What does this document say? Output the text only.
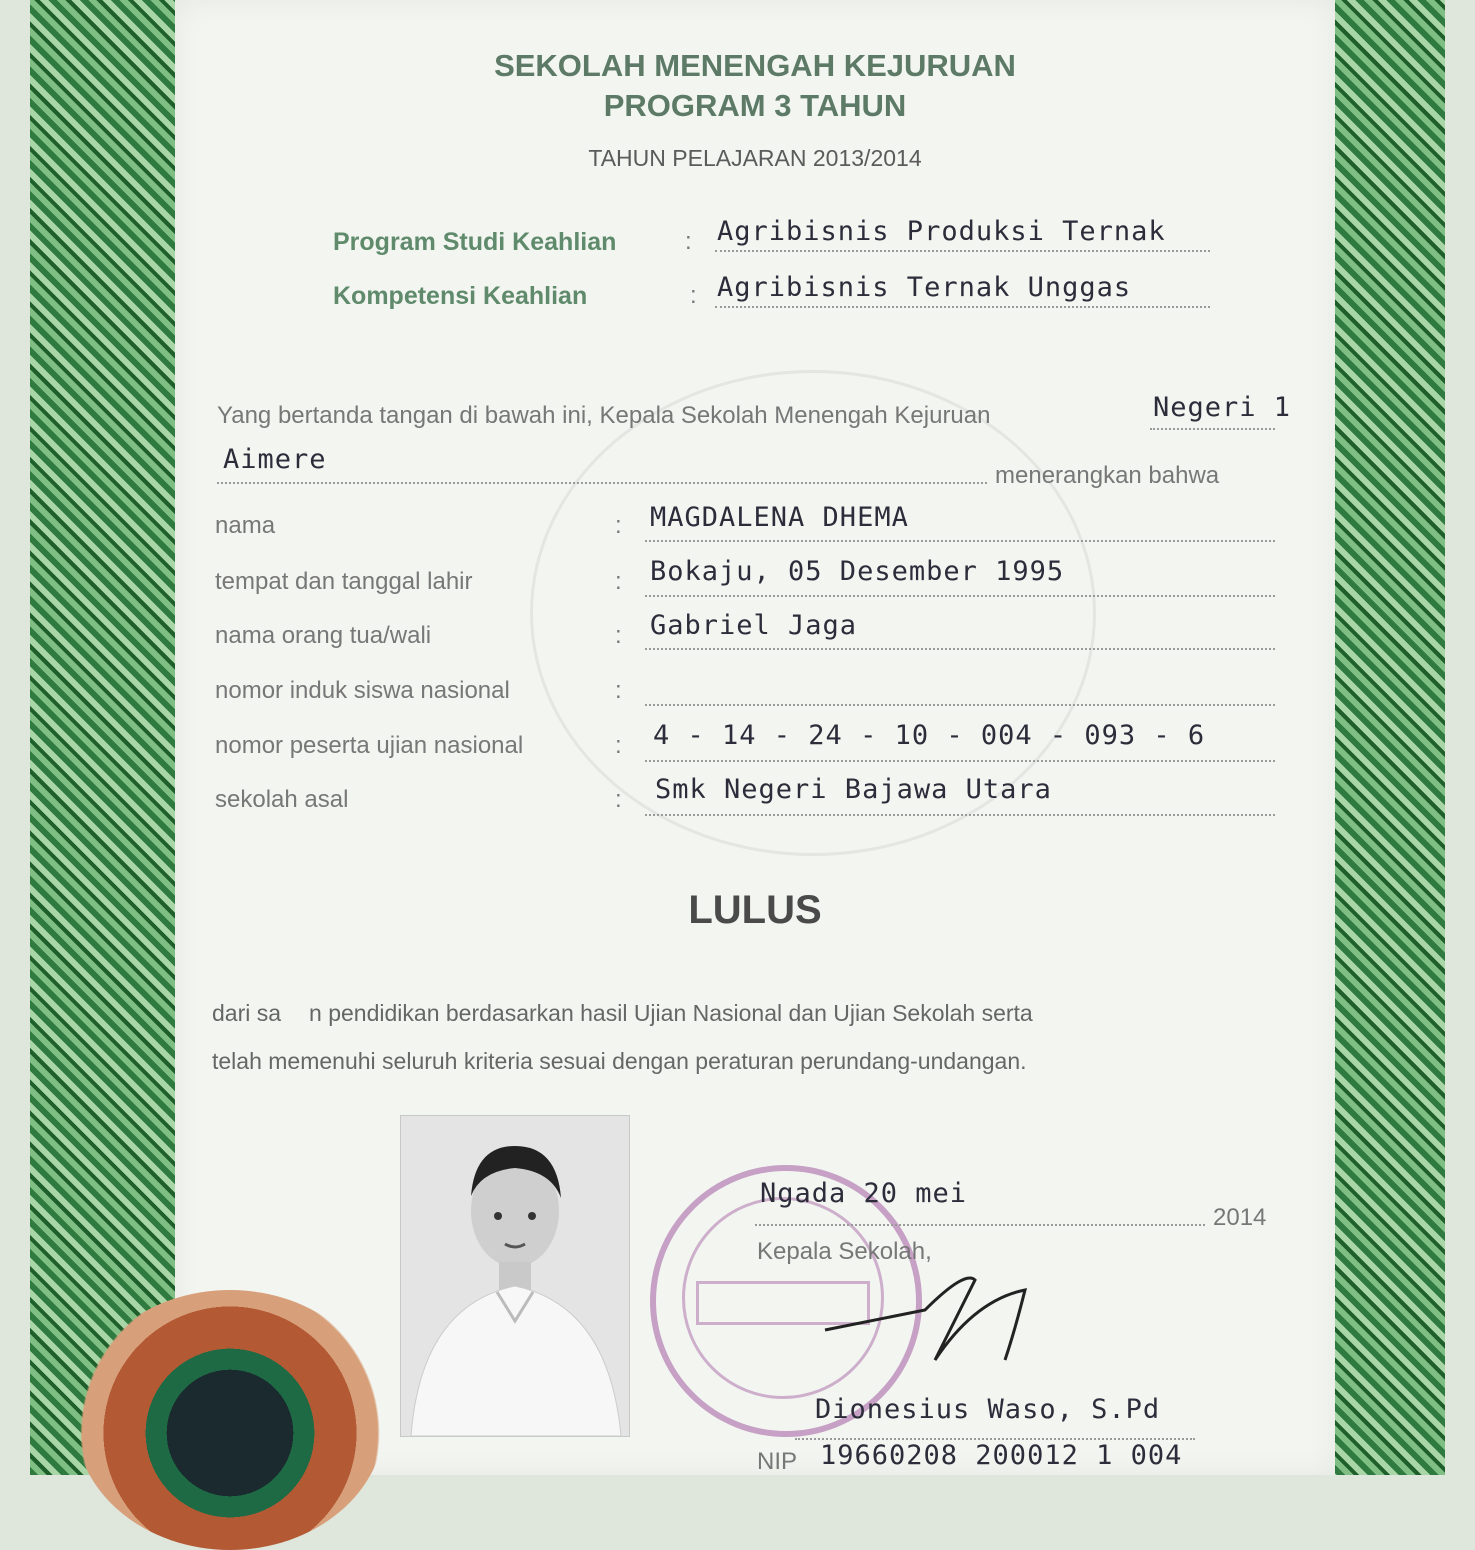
SEKOLAH MENENGAH KEJURUAN
PROGRAM 3 TAHUN
TAHUN PELAJARAN 2013/2014
Program Studi Keahlian	: Agribisnis Produksi Ternak
Kompetensi Keahlian	: Agribisnis Ternak Unggas
Yang bertanda tangan di bawah ini, Kepala Sekolah Menengah Kejuruan	Negeri 1
Aimere
menerangkan bahwa
nama	: MAGDALENA DHEMA
tempat dan tanggal lahir	: Bokaju, 05 Desember 1995
nama orang tua/wali	: Gabriel Jaga
nomor induk siswa nasional	:
nomor peserta ujian nasional	: 4 - 14 - 24 - 10 - 004 - 093 - 6
sekolah asal	: Smk Negeri Bajawa Utara
LULUS
dari sa n pendidikan berdasarkan hasil Ujian Nasional dan Ujian Sekolah serta
telah memenuhi seluruh kriteria sesuai dengan peraturan perundang-undangan.
Ngada 20 mei
2014
Kepala Sekolah,
Dionesius Waso, S.Pd
NIP 19660208 200012 1 004
